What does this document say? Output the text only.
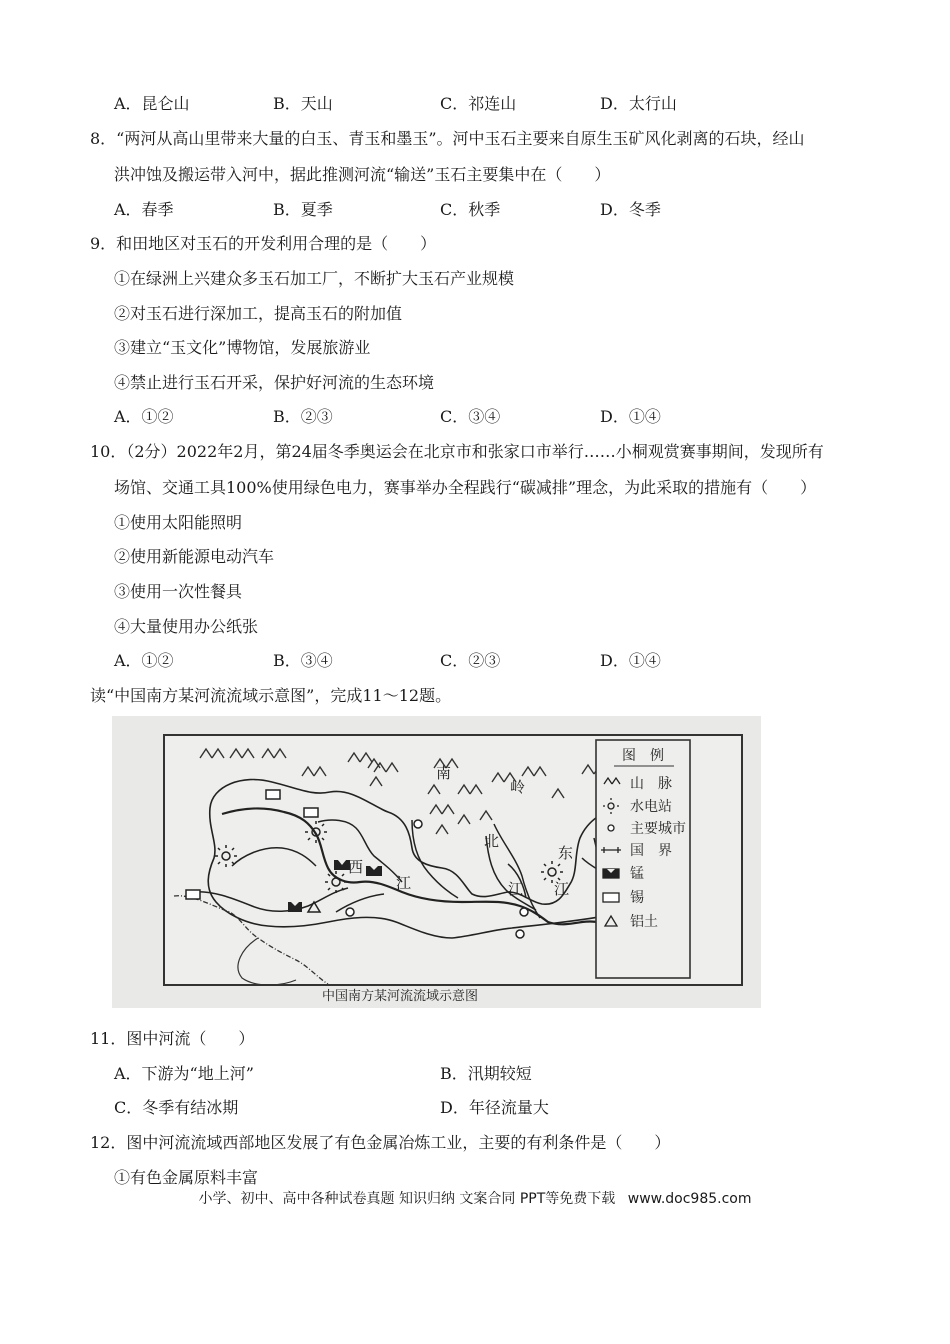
A．昆仑山	B．天山	C．祁连山	D．太行山
8．“两河从高山里带来大量的白玉、青玉和墨玉”。河中玉石主要来自原生玉矿风化剥离的石块，经山
洪冲蚀及搬运带入河中，据此推测河流“输送”玉石主要集中在（　　）
A．春季	B．夏季	C．秋季	D．冬季
9．和田地区对玉石的开发利用合理的是（　　）
①在绿洲上兴建众多玉石加工厂，不断扩大玉石产业规模
②对玉石进行深加工，提高玉石的附加值
③建立“玉文化”博物馆，发展旅游业
④禁止进行玉石开采，保护好河流的生态环境
A．①②	B．②③	C．③④	D．①④
10．（2分）2022年2月，第24届冬季奥运会在北京市和张家口市举行……小桐观赏赛事期间，发现所有
场馆、交通工具100%使用绿色电力，赛事举办全程践行“碳减排”理念，为此采取的措施有（　　）
①使用太阳能照明
②使用新能源电动汽车
③使用一次性餐具
④大量使用办公纸张
A．①②	B．③④	C．②③	D．①④
读“中国南方某河流流域示意图”，完成11～12题。
南
岭
西
江
北
江
东
江
图　例
山　脉
水电站
主要城市
国　界
锰
锡
铝土
中国南方某河流流域示意图
11．图中河流（　　）
A．下游为“地上河”	B．汛期较短
C．冬季有结冰期	D．年径流量大
12．图中河流流域西部地区发展了有色金属冶炼工业，主要的有利条件是（　　）
①有色金属原料丰富
小学、初中、高中各种试卷真题 知识归纳 文案合同 PPT等免费下载 www.doc985.com
